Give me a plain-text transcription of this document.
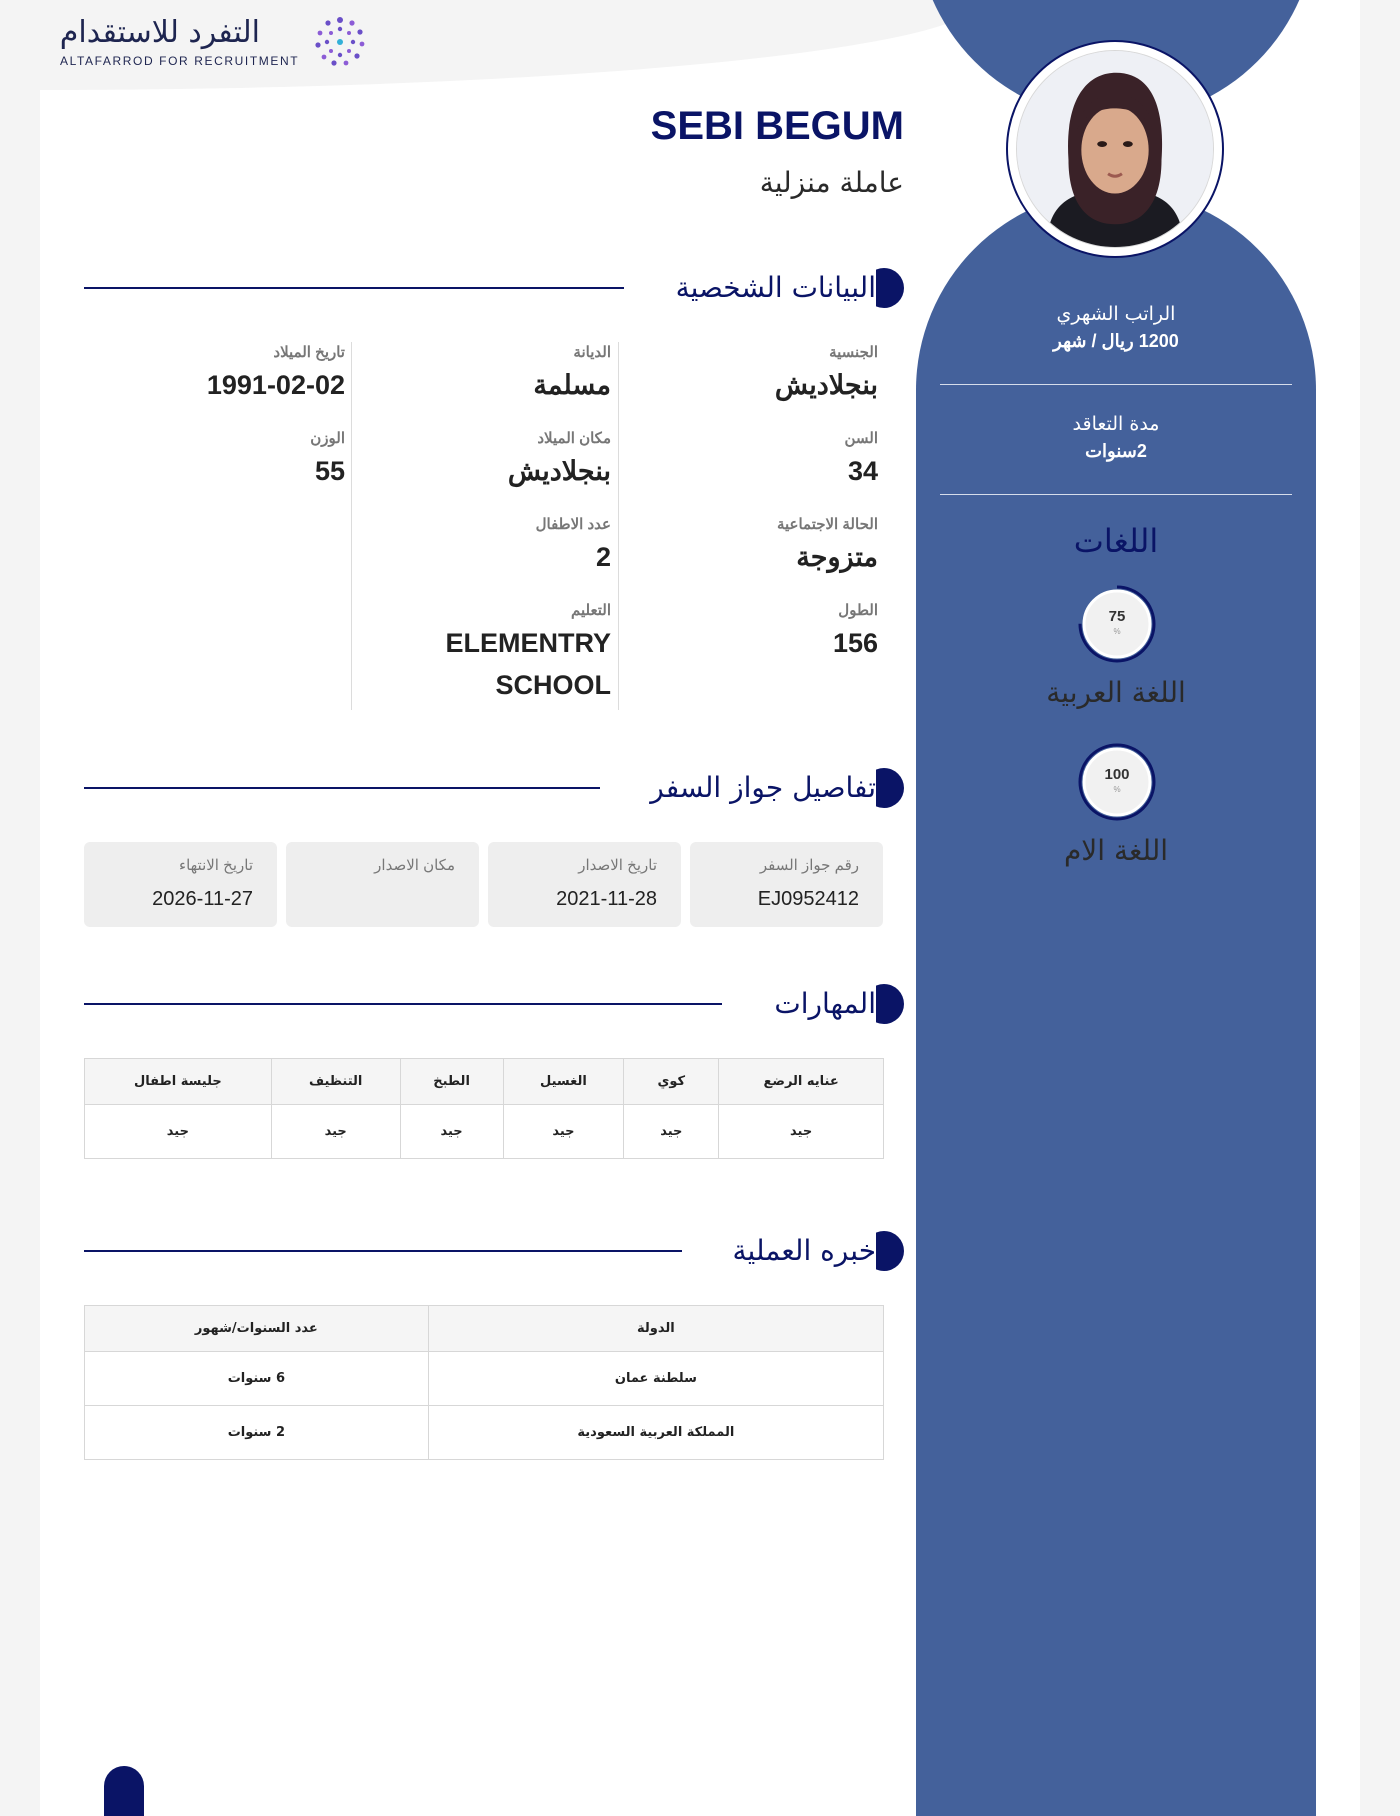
التفرد للاستقدام
ALTAFARROD FOR RECRUITMENT
الراتب الشهري
1200 ريال / شهر
مدة التعاقد
2سنوات
اللغات
75
%
اللغة العربية
100
%
اللغة الام
SEBI BEGUM
عاملة منزلية
البيانات الشخصية
الجنسية
بنجلاديش
السن
34
الحالة الاجتماعية
متزوجة
الطول
156
الديانة
مسلمة
مكان الميلاد
بنجلاديش
عدد الاطفال
2
التعليم
ELEMENTRY SCHOOL
تاريخ الميلاد
1991-02-02
الوزن
55
تفاصيل جواز السفر
رقم جواز السفر
EJ0952412
تاريخ الاصدار
2021-11-28
مكان الاصدار
تاريخ الانتهاء
2026-11-27
المهارات
عنايه الرضع	كوي	الغسيل	الطبخ	التنظيف	جليسة اطفال
جيد	جيد	جيد	جيد	جيد	جيد
خبره العملية
الدولة	عدد السنوات/شهور
سلطنة عمان	6 سنوات
المملكة العربية السعودية	2 سنوات
